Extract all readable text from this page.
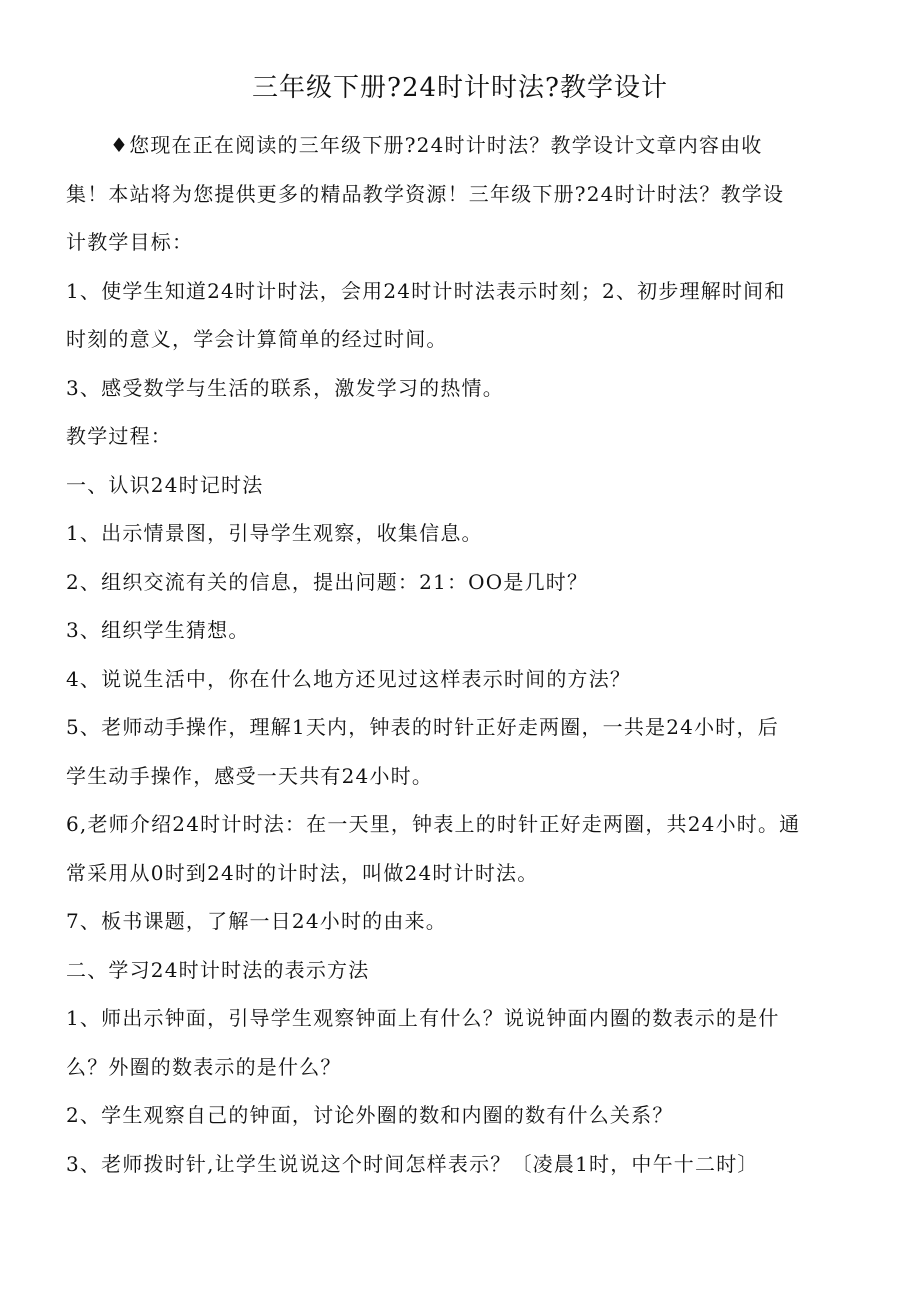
三年级下册?24时计时法?教学设计

♦您现在正在阅读的三年级下册?24时计时法？教学设计文章内容由收

集！本站将为您提供更多的精品教学资源！三年级下册?24时计时法？教学设

计教学目标：

1、使学生知道24时计时法，会用24时计时法表示时刻；2、初步理解时间和

时刻的意义，学会计算简单的经过时间。

3、感受数学与生活的联系，激发学习的热情。

教学过程：

一、认识24时记时法

1、出示情景图，引导学生观察，收集信息。

2、组织交流有关的信息，提出问题：21：OO是几时？

3、组织学生猜想。

4、说说生活中，你在什么地方还见过这样表示时间的方法？

5、老师动手操作，理解1天内，钟表的时针正好走两圈，一共是24小时，后

学生动手操作，感受一天共有24小时。

6,老师介绍24时计时法：在一天里，钟表上的时针正好走两圈，共24小时。通

常采用从0时到24时的计时法，叫做24时计时法。

7、板书课题，了解一日24小时的由来。

二、学习24时计时法的表示方法

1、师出示钟面，引导学生观察钟面上有什么？说说钟面内圈的数表示的是什

么？外圈的数表示的是什么？

2、学生观察自己的钟面，讨论外圈的数和内圈的数有什么关系？

3、老师拨时针,让学生说说这个时间怎样表示？〔凌晨1时，中午十二时〕
